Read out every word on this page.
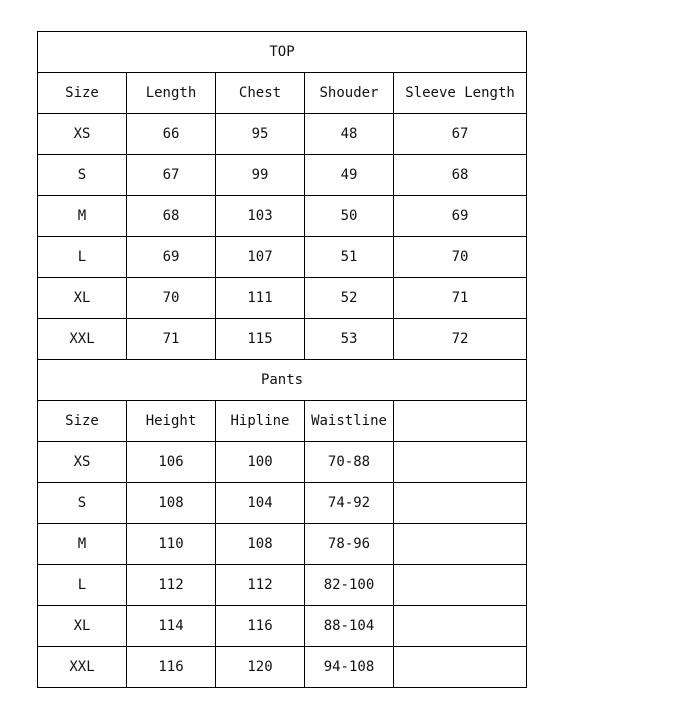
TOP				
Size	Length	Chest	Shouder	Sleeve Length
XS	66	95	48	67
S	67	99	49	68
M	68	103	50	69
L	69	107	51	70
XL	70	111	52	71
XXL	71	115	53	72
Pants				
Size	Height	Hipline	Waistline	
XS	106	100	70-88	
S	108	104	74-92	
M	110	108	78-96	
L	112	112	82-100	
XL	114	116	88-104	
XXL	116	120	94-108	
